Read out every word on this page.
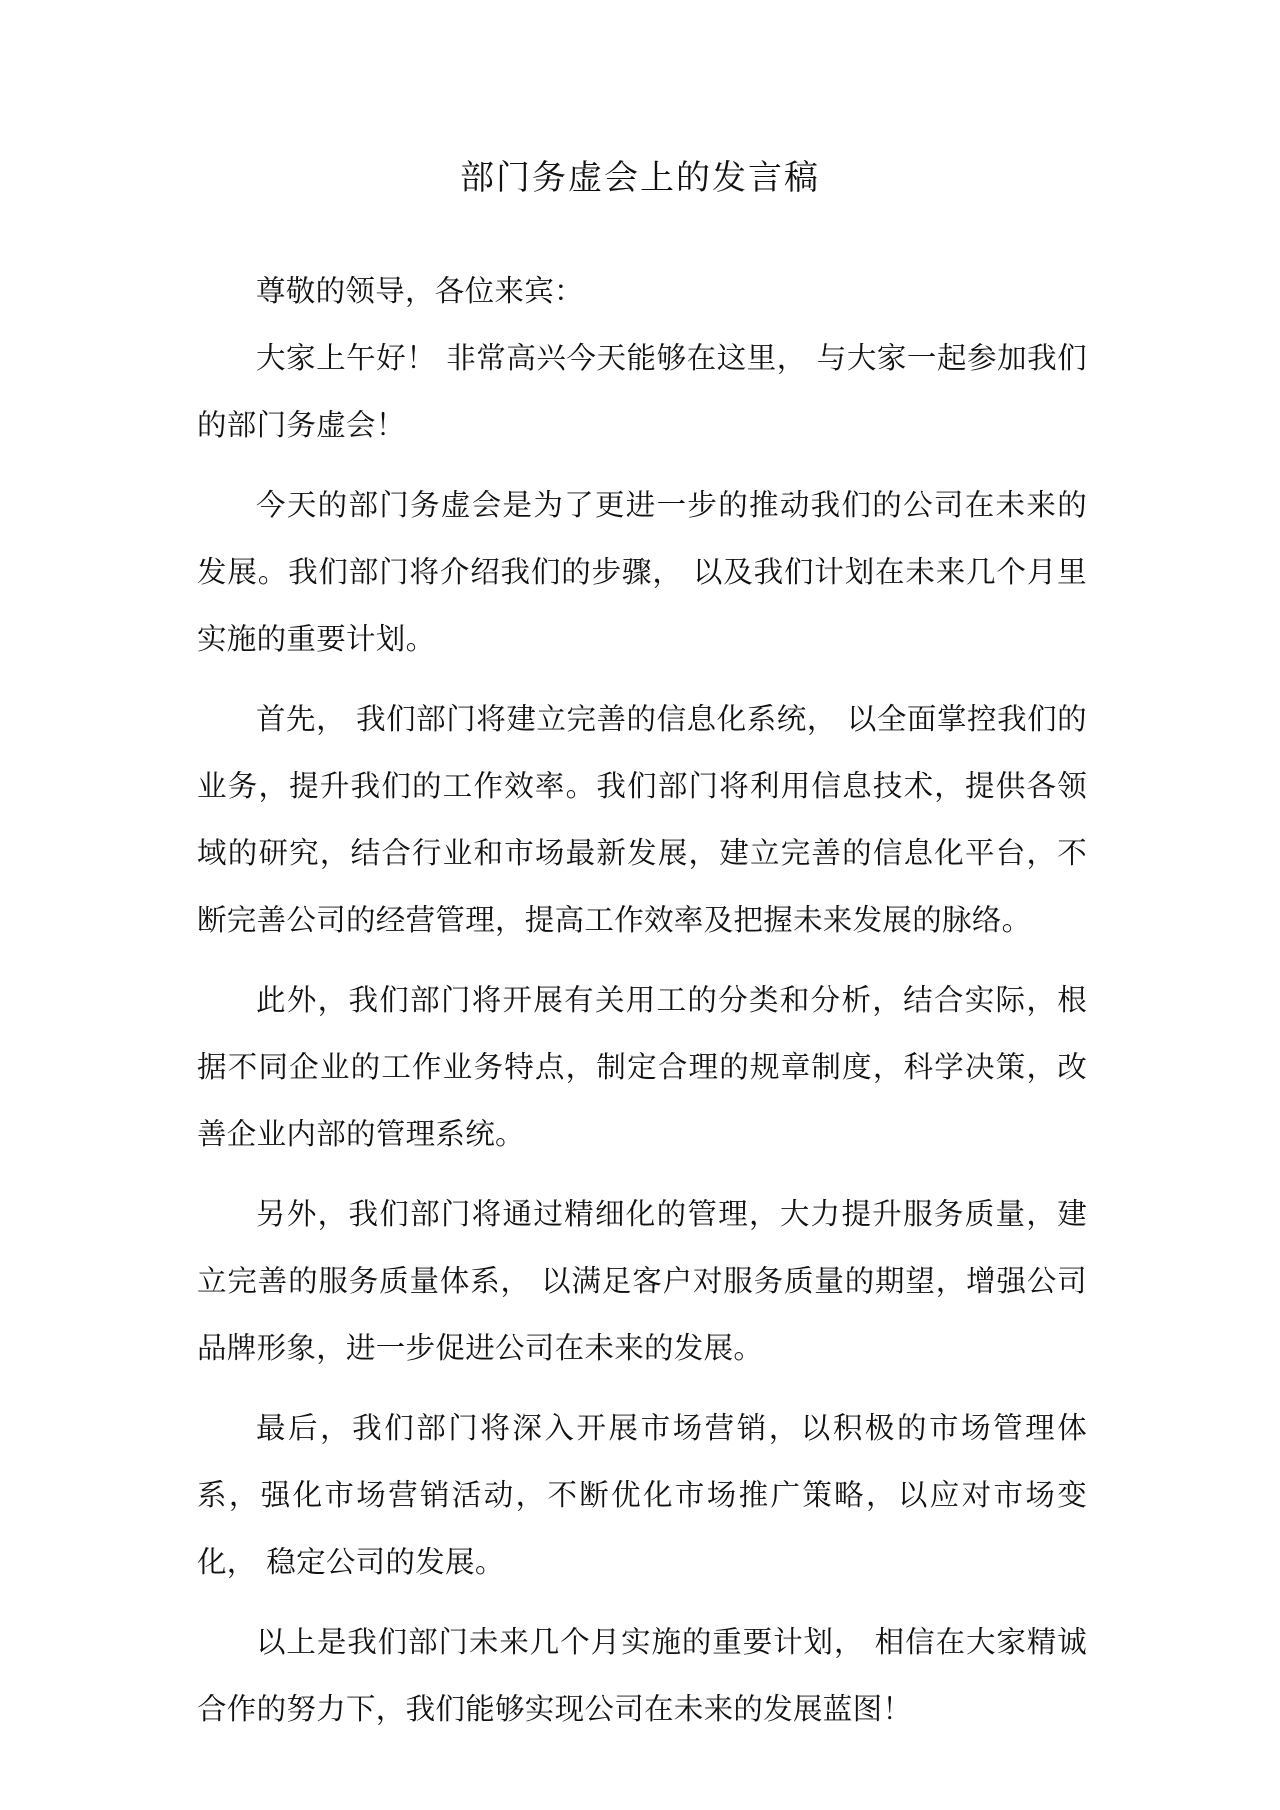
部门务虚会上的发言稿

尊敬的领导，各位来宾：

大家上午好！ 非常高兴今天能够在这里， 与大家一起参加我们的部门务虚会！

今天的部门务虚会是为了更进一步的推动我们的公司在未来的发展。我们部门将介绍我们的步骤， 以及我们计划在未来几个月里实施的重要计划。

首先， 我们部门将建立完善的信息化系统， 以全面掌控我们的业务，提升我们的工作效率。我们部门将利用信息技术，提供各领域的研究，结合行业和市场最新发展，建立完善的信息化平台，不断完善公司的经营管理，提高工作效率及把握未来发展的脉络。

此外，我们部门将开展有关用工的分类和分析，结合实际，根据不同企业的工作业务特点，制定合理的规章制度，科学决策，改善企业内部的管理系统。

另外，我们部门将通过精细化的管理，大力提升服务质量，建立完善的服务质量体系， 以满足客户对服务质量的期望，增强公司品牌形象，进一步促进公司在未来的发展。

最后，我们部门将深入开展市场营销，以积极的市场管理体系，强化市场营销活动，不断优化市场推广策略，以应对市场变化， 稳定公司的发展。

以上是我们部门未来几个月实施的重要计划， 相信在大家精诚合作的努力下，我们能够实现公司在未来的发展蓝图！
